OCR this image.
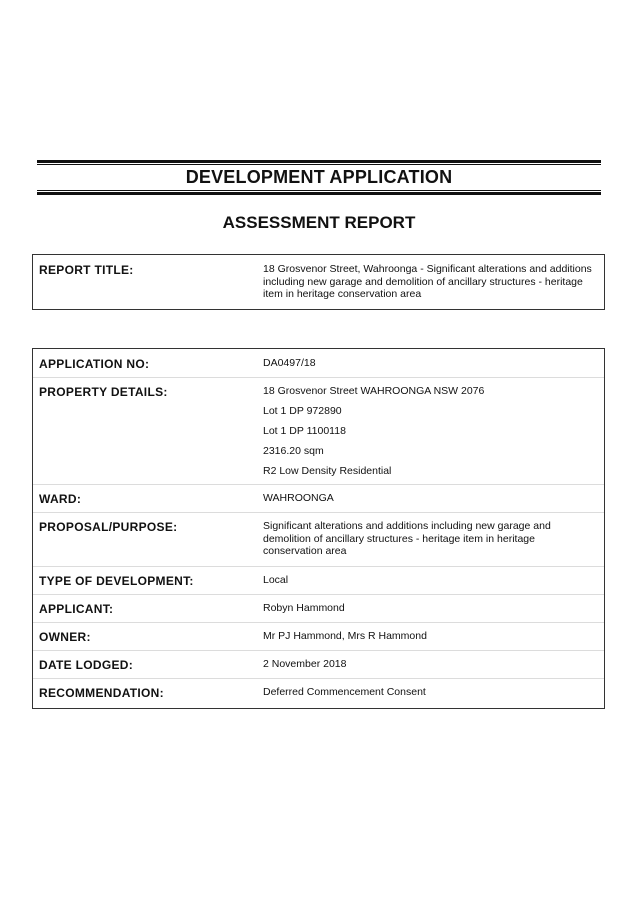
DEVELOPMENT APPLICATION
ASSESSMENT REPORT
REPORT TITLE:	18 Grosvenor Street, Wahroonga - Significant alterations and additions including new garage and demolition of ancillary structures - heritage item in heritage conservation area
APPLICATION NO:	DA0497/18
PROPERTY DETAILS:	18 Grosvenor Street WAHROONGA NSW 2076
Lot 1 DP 972890
Lot 1 DP 1100118
2316.20 sqm
R2 Low Density Residential
WARD:	WAHROONGA
PROPOSAL/PURPOSE:	Significant alterations and additions including new garage and demolition of ancillary structures - heritage item in heritage conservation area
TYPE OF DEVELOPMENT:	Local
APPLICANT:	Robyn Hammond
OWNER:	Mr PJ Hammond, Mrs R Hammond
DATE LODGED:	2 November 2018
RECOMMENDATION:	Deferred Commencement Consent
